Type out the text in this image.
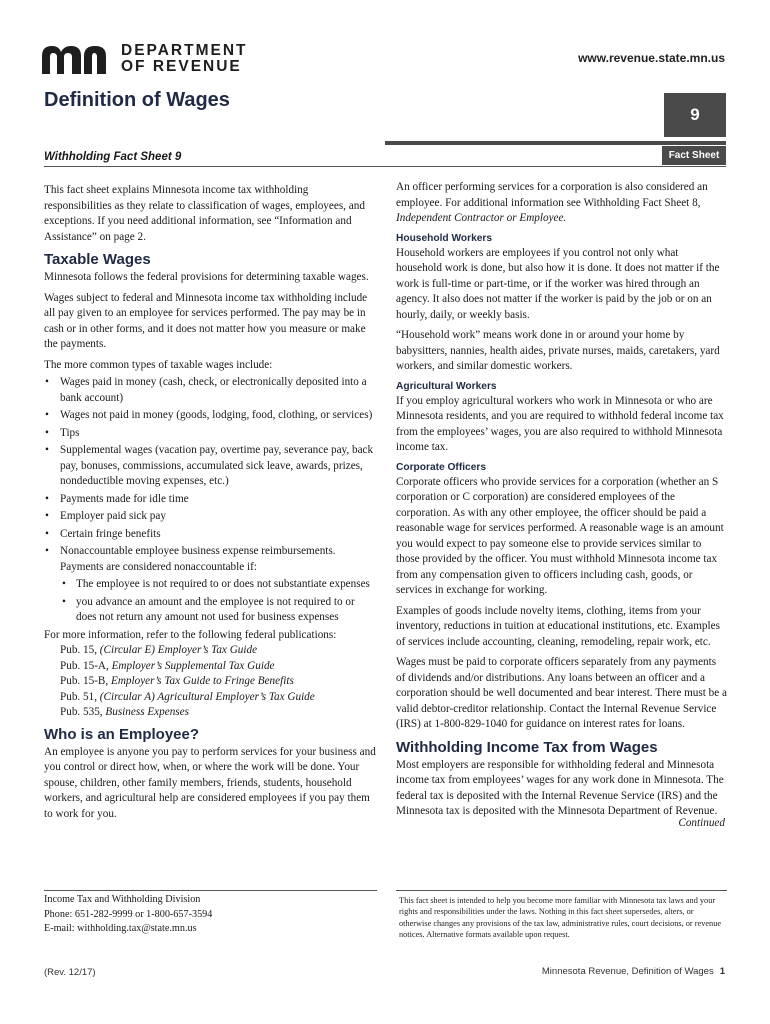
DEPARTMENT
OF REVENUE	www.revenue.state.mn.us
Definition of Wages
9
Withholding Fact Sheet 9	Fact Sheet

This fact sheet explains Minnesota income tax withholding responsibilities as they relate to classification of wages, employees, and exceptions. If you need additional information, see “Information and Assistance” on page 2.

Taxable Wages

Minnesota follows the federal provisions for determining taxable wages.

Wages subject to federal and Minnesota income tax withholding include all pay given to an employee for services performed. The pay may be in cash or in other forms, and it does not matter how you measure or make the payments.

The more common types of taxable wages include:

• Wages paid in money (cash, check, or electronically deposited into a bank account)
• Wages not paid in money (goods, lodging, food, clothing, or services)
• Tips
• Supplemental wages (vacation pay, overtime pay, severance pay, back pay, bonuses, commissions, accumulated sick leave, awards, prizes, nondeductible moving expenses, etc.)
• Payments made for idle time
• Employer paid sick pay
• Certain fringe benefits
• Nonaccountable employee business expense reimbursements. Payments are considered nonaccountable if:
• The employee is not required to or does not substantiate expenses
• you advance an amount and the employee is not required to or does not return any amount not used for business expenses
For more information, refer to the following federal publications:
Pub. 15, (Circular E) Employer’s Tax Guide
Pub. 15-A, Employer’s Supplemental Tax Guide
Pub. 15-B, Employer’s Tax Guide to Fringe Benefits
Pub. 51, (Circular A) Agricultural Employer’s Tax Guide
Pub. 535, Business Expenses
Who is an Employee?

An employee is anyone you pay to perform services for your business and you control or direct how, when, or where the work will be done. Your spouse, children, other family members, friends, students, household workers, and agricultural help are considered employees if you pay them to work for you.

An officer performing services for a corporation is also considered an employee. For additional information see Withholding Fact Sheet 8, Independent Contractor or Employee.

Household Workers

Household workers are employees if you control not only what household work is done, but also how it is done. It does not matter if the work is full-time or part-time, or if the worker was hired through an agency. It also does not matter if the worker is paid by the job or on an hourly, daily, or weekly basis.

“Household work” means work done in or around your home by babysitters, nannies, health aides, private nurses, maids, caretakers, yard workers, and similar domestic workers.

Agricultural Workers

If you employ agricultural workers who work in Minnesota or who are Minnesota residents, and you are required to withhold federal income tax from the employees’ wages, you are also required to withhold Minnesota income tax.

Corporate Officers

Corporate officers who provide services for a corporation (whether an S corporation or C corporation) are considered employees of the corporation. As with any other employee, the officer should be paid a reasonable wage for services performed. A reasonable wage is an amount you would expect to pay someone else to provide services similar to those provided by the officer. You must withhold Minnesota income tax from any compensation given to officers including cash, goods, or services in exchange for working.

Examples of goods include novelty items, clothing, items from your inventory, reductions in tuition at educational institutions, etc. Examples of services include accounting, cleaning, remodeling, repair work, etc.

Wages must be paid to corporate officers separately from any payments of dividends and/or distributions. Any loans between an officer and a corporation should be well documented and bear interest. There must be a valid debtor-creditor relationship. Contact the Internal Revenue Service (IRS) at 1-800-829-1040 for guidance on interest rates for loans.

Withholding Income Tax from Wages

Most employers are responsible for withholding federal and Minnesota income tax from employees’ wages for any work done in Minnesota. The federal tax is deposited with the Internal Revenue Service (IRS) and the Minnesota tax is deposited with the Minnesota Department of Revenue.

Continued
Income Tax and Withholding Division
Phone: 651-282-9999 or 1-800-657-3594
E-mail: withholding.tax@state.mn.us
This fact sheet is intended to help you become more familiar with Minnesota tax laws and your rights and responsibilities under the laws. Nothing in this fact sheet supersedes, alters, or otherwise changes any provisions of the tax law, administrative rules, court decisions, or revenue notices. Alternative formats available upon request.
(Rev. 12/17)	Minnesota Revenue, Definition of Wages 1
